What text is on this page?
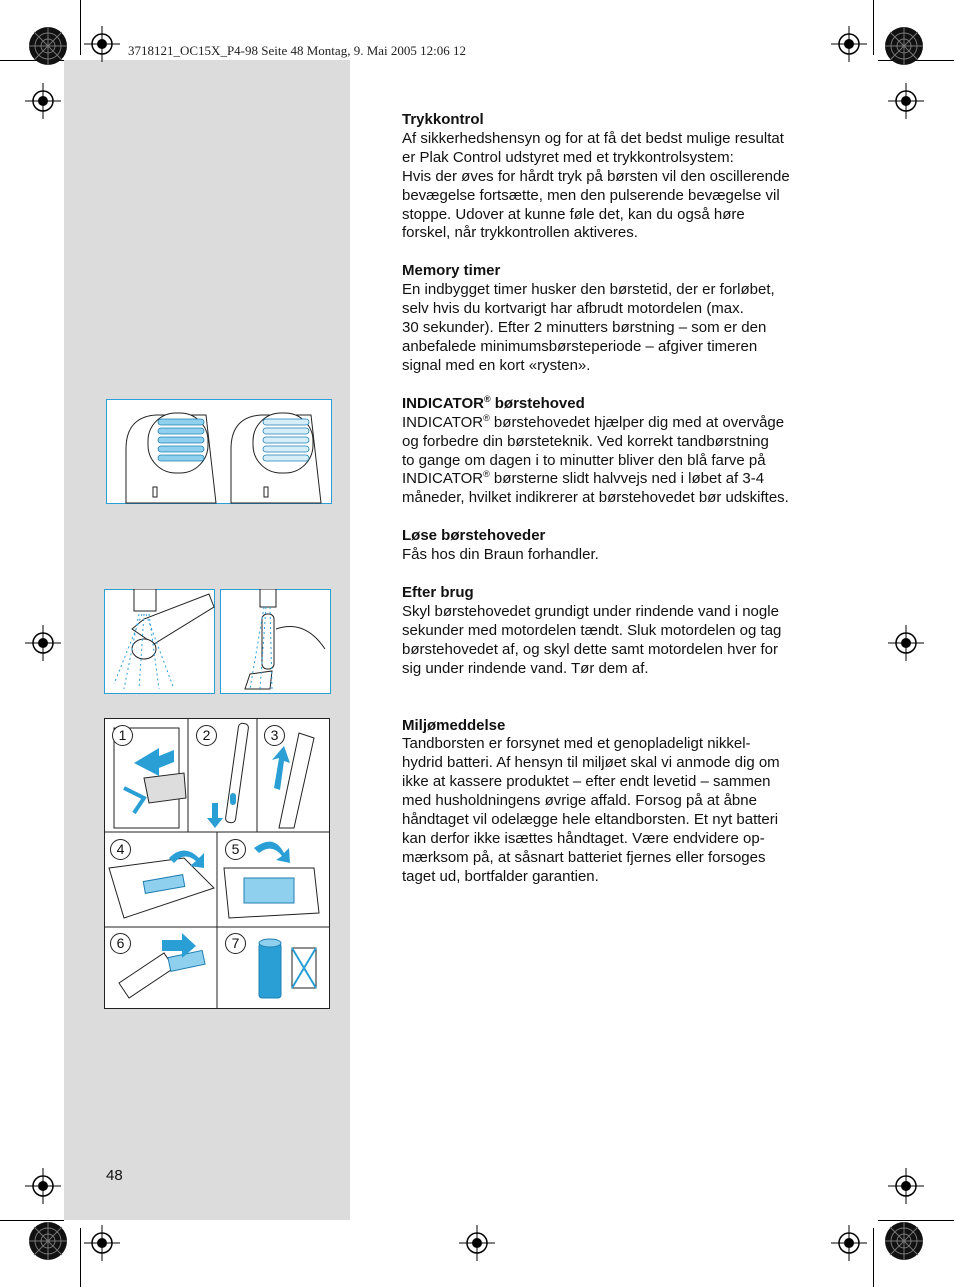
3718121_OC15X_P4-98 Seite 48 Montag, 9. Mai 2005 12:06 12
1	2	3
4	5
6	7
Trykkontrol

Af sikkerhedshensyn og for at få det bedst mulige resultat

er Plak Control udstyret med et trykkontrolsystem:

Hvis der øves for hårdt tryk på børsten vil den oscillerende

bevægelse fortsætte, men den pulserende bevægelse vil

stoppe. Udover at kunne føle det, kan du også høre

forskel, når trykkontrollen aktiveres.

Memory timer

En indbygget timer husker den børstetid, der er forløbet,

selv hvis du kortvarigt har afbrudt motordelen (max.

30 sekunder). Efter 2 minutters børstning – som er den

anbefalede minimumsbørsteperiode – afgiver timeren

signal med en kort «rysten».

INDICATOR® børstehoved

INDICATOR® børstehovedet hjælper dig med at overvåge

og forbedre din børsteteknik. Ved korrekt tandbørstning

to gange om dagen i to minutter bliver den blå farve på

INDICATOR® børsterne slidt halvvejs ned i løbet af 3-4

måneder, hvilket indikrerer at børstehovedet bør udskiftes.

Løse børstehoveder

Fås hos din Braun forhandler.

Efter brug

Skyl børstehovedet grundigt under rindende vand i nogle

sekunder med motordelen tændt. Sluk motordelen og tag

børstehovedet af, og skyl dette samt motordelen hver for

sig under rindende vand. Tør dem af.

Miljømeddelse

Tandborsten er forsynet med et genopladeligt nikkel-

hydrid batteri. Af hensyn til miljøet skal vi anmode dig om

ikke at kassere produktet – efter endt levetid – sammen

med husholdningens øvrige affald. Forsog på at åbne

håndtaget vil odelægge hele eltandborsten. Et nyt batteri

kan derfor ikke isættes håndtaget. Være endvidere op-

mærksom på, at såsnart batteriet fjernes eller forsoges

taget ud, bortfalder garantien.

48
